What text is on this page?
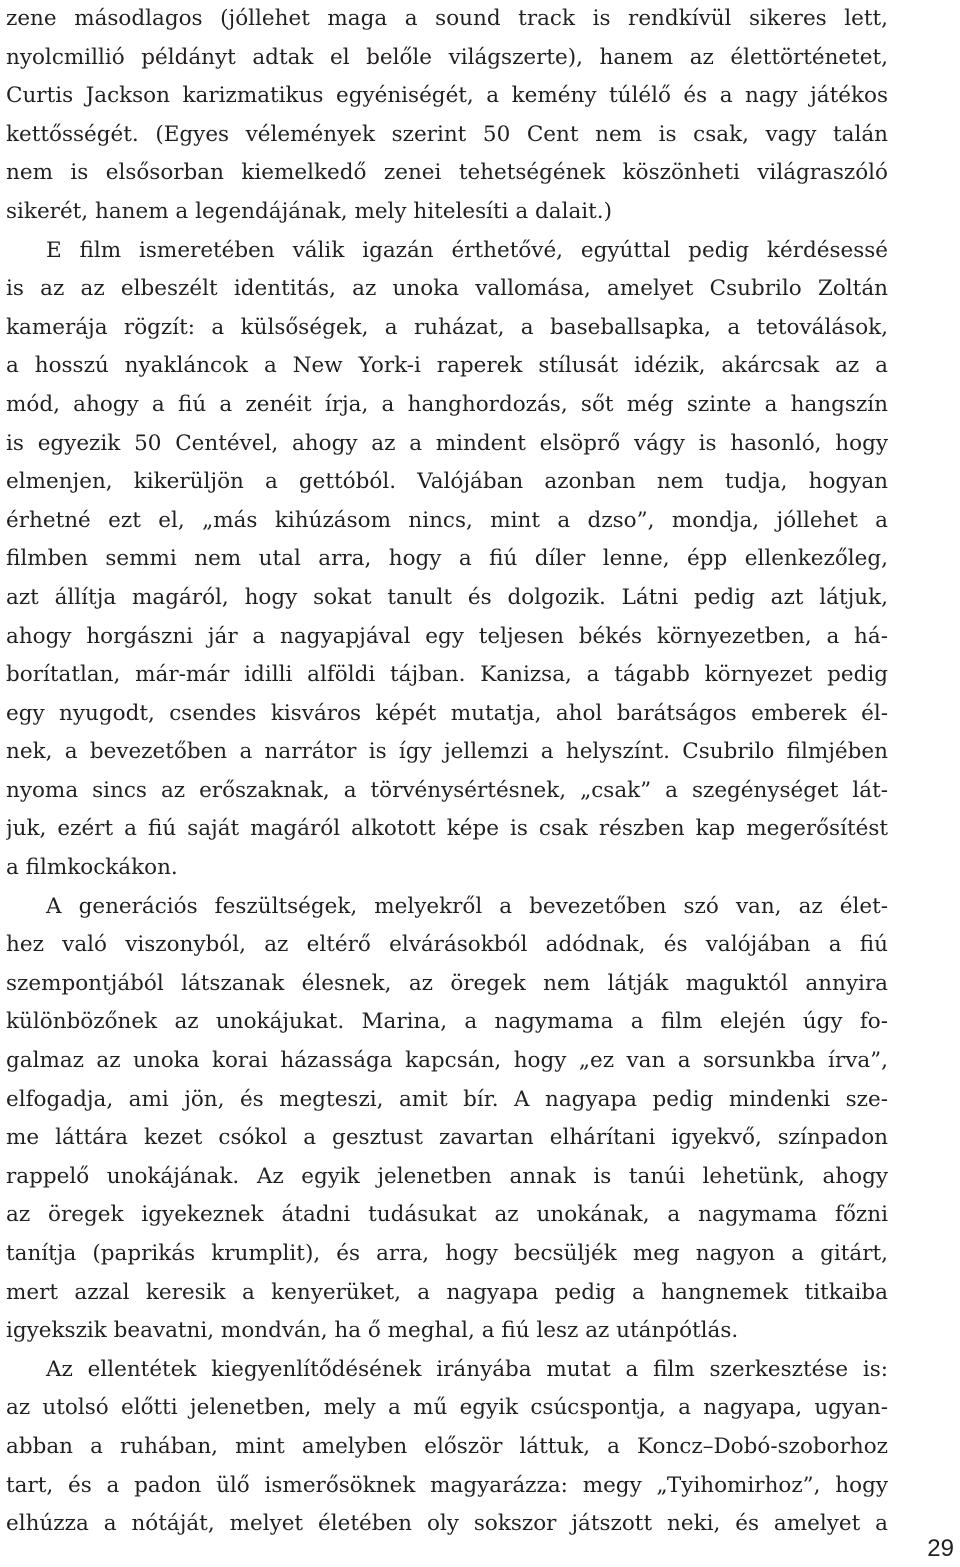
zene másodlagos (jóllehet maga a sound track is rendkívül sikeres lett,
nyolcmillió példányt adtak el belőle világszerte), hanem az élettörténetet,
Curtis Jackson karizmatikus egyéniségét, a kemény túlélő és a nagy játékos
kettősségét. (Egyes vélemények szerint 50 Cent nem is csak, vagy talán
nem is elsősorban kiemelkedő zenei tehetségének köszönheti világraszóló
sikerét, hanem a legendájának, mely hitelesíti a dalait.)
E film ismeretében válik igazán érthetővé, egyúttal pedig kérdésessé
is az az elbeszélt identitás, az unoka vallomása, amelyet Csubrilo Zoltán
kamerája rögzít: a külsőségek, a ruházat, a baseballsapka, a tetoválások,
a hosszú nyakláncok a New York-i raperek stílusát idézik, akárcsak az a
mód, ahogy a fiú a zenéit írja, a hanghordozás, sőt még szinte a hangszín
is egyezik 50 Centével, ahogy az a mindent elsöprő vágy is hasonló, hogy
elmenjen, kikerüljön a gettóból. Valójában azonban nem tudja, hogyan
érhetné ezt el, „más kihúzásom nincs, mint a dzso”, mondja, jóllehet a
filmben semmi nem utal arra, hogy a fiú díler lenne, épp ellenkezőleg,
azt állítja magáról, hogy sokat tanult és dolgozik. Látni pedig azt látjuk,
ahogy horgászni jár a nagyapjával egy teljesen békés környezetben, a há-
borítatlan, már-már idilli alföldi tájban. Kanizsa, a tágabb környezet pedig
egy nyugodt, csendes kisváros képét mutatja, ahol barátságos emberek él-
nek, a bevezetőben a narrátor is így jellemzi a helyszínt. Csubrilo filmjében
nyoma sincs az erőszaknak, a törvénysértésnek, „csak” a szegénységet lát-
juk, ezért a fiú saját magáról alkotott képe is csak részben kap megerősítést
a filmkockákon.
A generációs feszültségek, melyekről a bevezetőben szó van, az élet-
hez való viszonyból, az eltérő elvárásokból adódnak, és valójában a fiú
szempontjából látszanak élesnek, az öregek nem látják maguktól annyira
különbözőnek az unokájukat. Marina, a nagymama a film elején úgy fo-
galmaz az unoka korai házassága kapcsán, hogy „ez van a sorsunkba írva”,
elfogadja, ami jön, és megteszi, amit bír. A nagyapa pedig mindenki sze-
me láttára kezet csókol a gesztust zavartan elhárítani igyekvő, színpadon
rappelő unokájának. Az egyik jelenetben annak is tanúi lehetünk, ahogy
az öregek igyekeznek átadni tudásukat az unokának, a nagymama főzni
tanítja (paprikás krumplit), és arra, hogy becsüljék meg nagyon a gitárt,
mert azzal keresik a kenyerüket, a nagyapa pedig a hangnemek titkaiba
igyekszik beavatni, mondván, ha ő meghal, a fiú lesz az utánpótlás.
Az ellentétek kiegyenlítődésének irányába mutat a film szerkesztése is:
az utolsó előtti jelenetben, mely a mű egyik csúcspontja, a nagyapa, ugyan-
abban a ruhában, mint amelyben először láttuk, a Koncz–Dobó-szoborhoz
tart, és a padon ülő ismerősöknek magyarázza: megy „Tyihomirhoz”, hogy
elhúzza a nótáját, melyet életében oly sokszor játszott neki, és amelyet a
29
